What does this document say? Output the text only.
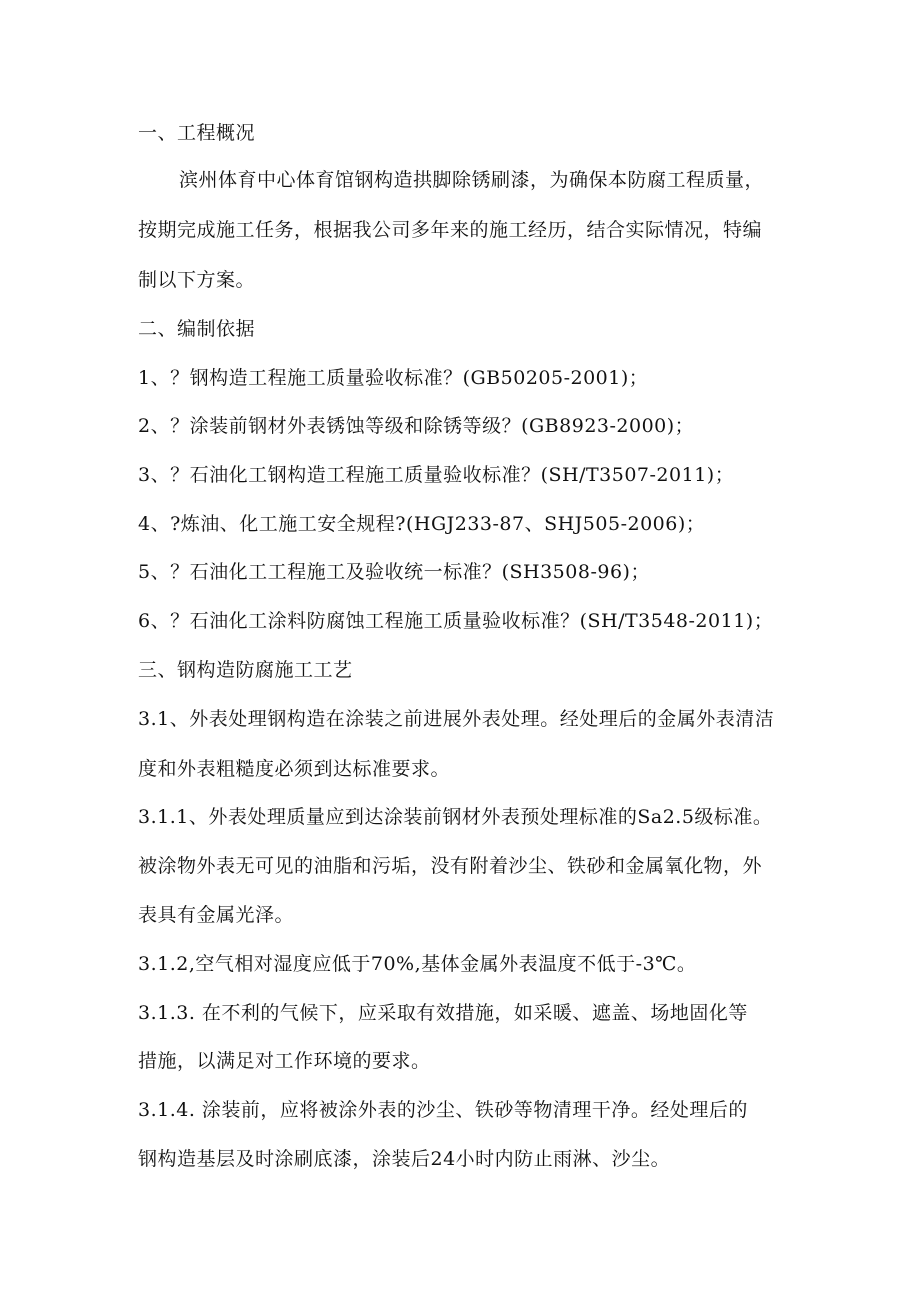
一、工程概况
滨州体育中心体育馆钢构造拱脚除锈刷漆，为确保本防腐工程质量，
按期完成施工任务，根据我公司多年来的施工经历，结合实际情况，特编
制以下方案。
二、编制依据
1、？钢构造工程施工质量验收标准？(GB50205-2001)；
2、？涂装前钢材外表锈蚀等级和除锈等级？(GB8923-2000)；
3、？石油化工钢构造工程施工质量验收标准？(SH/T3507-2011)；
4、?炼油、化工施工安全规程?(HGJ233-87、SHJ505-2006)；
5、？石油化工工程施工及验收统一标准？(SH3508-96)；
6、？石油化工涂料防腐蚀工程施工质量验收标准？(SH/T3548-2011)；
三、钢构造防腐施工工艺
3.1、外表处理钢构造在涂装之前进展外表处理。经处理后的金属外表清洁
度和外表粗糙度必须到达标准要求。
3.1.1、外表处理质量应到达涂装前钢材外表预处理标准的Sa2.5级标准。
被涂物外表无可见的油脂和污垢，没有附着沙尘、铁砂和金属氧化物，外
表具有金属光泽。
3.1.2,空气相对湿度应低于70%,基体金属外表温度不低于-3℃。
3.1.3. 在不利的气候下，应采取有效措施，如采暖、遮盖、场地固化等
措施，以满足对工作环境的要求。
3.1.4. 涂装前，应将被涂外表的沙尘、铁砂等物清理干净。经处理后的
钢构造基层及时涂刷底漆，涂装后24小时内防止雨淋、沙尘。
